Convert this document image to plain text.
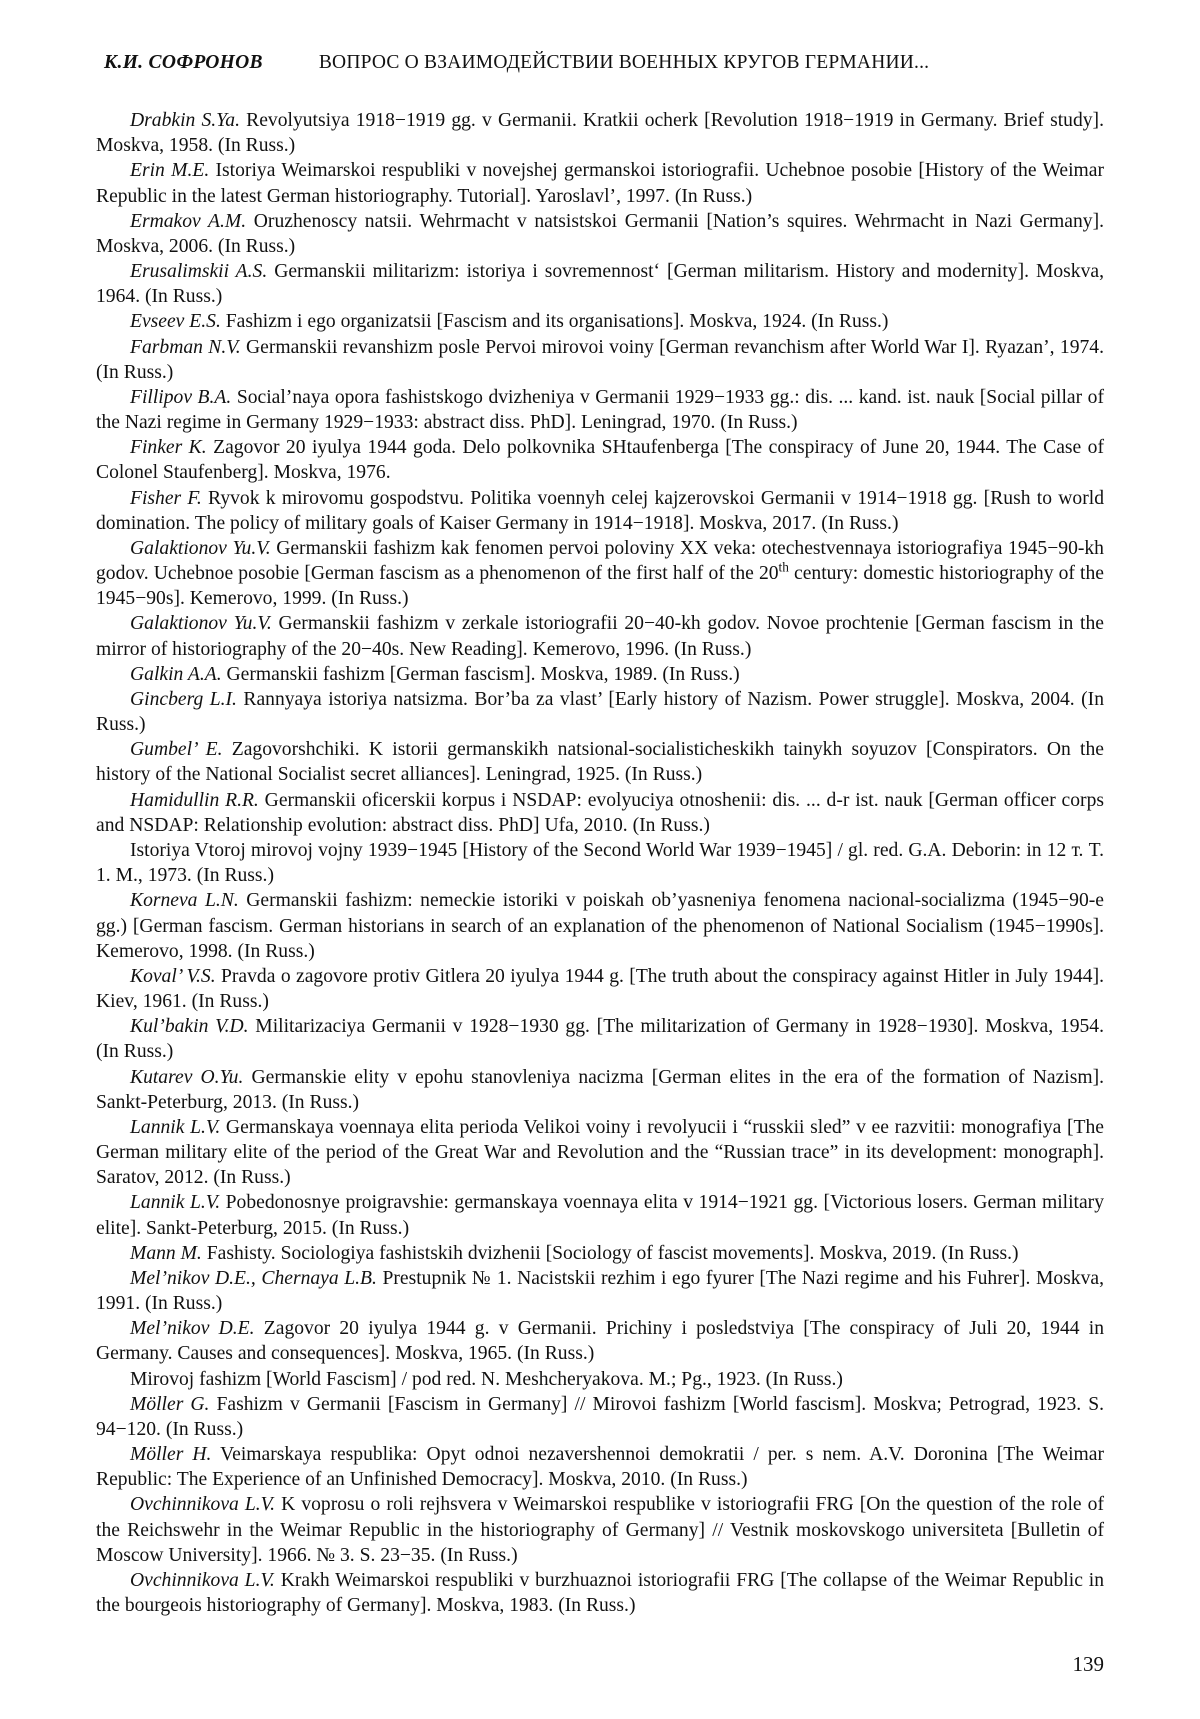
К.И. СОФРОНОВ	ВОПРОС О ВЗАИМОДЕЙСТВИИ ВОЕННЫХ КРУГОВ ГЕРМАНИИ...

Drabkin S.Ya. Revolyutsiya 1918−1919 gg. v Germanii. Kratkii ocherk [Revolution 1918−1919 in Germany. Brief study]. Moskva, 1958. (In Russ.)

Erin M.E. Istoriya Weimarskoi respubliki v novejshej germanskoi istoriografii. Uchebnoe posobie [History of the Weimar Republic in the latest German historiography. Tutorial]. Yaroslavl’, 1997. (In Russ.)

Ermakov A.M. Oruzhenoscy natsii. Wehrmacht v natsistskoi Germanii [Nation’s squires. Wehrmacht in Nazi Germany]. Moskva, 2006. (In Russ.)

Erusalimskii A.S. Germanskii militarizm: istoriya i sovremennost‘ [German militarism. History and modernity]. Moskva, 1964. (In Russ.)

Evseev E.S. Fashizm i ego organizatsii [Fascism and its organisations]. Moskva, 1924. (In Russ.)

Farbman N.V. Germanskii revanshizm posle Pervoi mirovoi voiny [German revanchism after World War I]. Ryazan’, 1974. (In Russ.)

Fillipov B.A. Social’naya opora fashistskogo dvizheniya v Germanii 1929−1933 gg.: dis. ... kand. ist. nauk [Social pillar of the Nazi regime in Germany 1929−1933: abstract diss. PhD]. Leningrad, 1970. (In Russ.)

Finker K. Zagovor 20 iyulya 1944 goda. Delo polkovnika SHtaufenberga [The conspiracy of June 20, 1944. The Case of Colonel Staufenberg]. Moskva, 1976.

Fisher F. Ryvok k mirovomu gospodstvu. Politika voennyh celej kajzerovskoi Germanii v 1914−1918 gg. [Rush to world domination. The policy of military goals of Kaiser Germany in 1914−1918]. Moskva, 2017. (In Russ.)

Galaktionov Yu.V. Germanskii fashizm kak fenomen pervoi poloviny XX veka: otechestvennaya istoriografiya 1945−90-kh godov. Uchebnoe posobie [German fascism as a phenomenon of the first half of the 20th century: domestic historiography of the 1945−90s]. Kemerovo, 1999. (In Russ.)

Galaktionov Yu.V. Germanskii fashizm v zerkale istoriografii 20−40-kh godov. Novoe prochtenie [German fascism in the mirror of historiography of the 20−40s. New Reading]. Kemerovo, 1996. (In Russ.)

Galkin A.A. Germanskii fashizm [German fascism]. Moskva, 1989. (In Russ.)

Gincberg L.I. Rannyaya istoriya natsizma. Bor’ba za vlast’ [Early history of Nazism. Power struggle]. Moskva, 2004. (In Russ.)

Gumbel’ E. Zagovorshchiki. K istorii germanskikh natsional-socialisticheskikh tainykh soyuzov [Conspirators. On the history of the National Socialist secret alliances]. Leningrad, 1925. (In Russ.)

Hamidullin R.R. Germanskii oficerskii korpus i NSDAP: evolyuciya otnoshenii: dis. ... d-r ist. nauk [German officer corps and NSDAP: Relationship evolution: abstract diss. PhD] Ufa, 2010. (In Russ.)

Istoriya Vtoroj mirovoj vojny 1939−1945 [History of the Second World War 1939−1945] / gl. red. G.A. Deborin: in 12 т. T. 1. M., 1973. (In Russ.)

Korneva L.N. Germanskii fashizm: nemeckie istoriki v poiskah ob’yasneniya fenomena nacional-socializma (1945−90-e gg.) [German fascism. German historians in search of an explanation of the phenomenon of National Socialism (1945−1990s]. Kemerovo, 1998. (In Russ.)

Koval’ V.S. Pravda o zagovore protiv Gitlera 20 iyulya 1944 g. [The truth about the conspiracy against Hitler in July 1944]. Kiev, 1961. (In Russ.)

Kul’bakin V.D. Militarizaciya Germanii v 1928−1930 gg. [The militarization of Germany in 1928−1930]. Moskva, 1954. (In Russ.)

Kutarev O.Yu. Germanskie elity v epohu stanovleniya nacizma [German elites in the era of the formation of Nazism]. Sankt-Peterburg, 2013. (In Russ.)

Lannik L.V. Germanskaya voennaya elita perioda Velikoi voiny i revolyucii i “russkii sled” v ee razvitii: monografiya [The German military elite of the period of the Great War and Revolution and the “Russian trace” in its development: monograph]. Saratov, 2012. (In Russ.)

Lannik L.V. Pobedonosnye proigravshie: germanskaya voennaya elita v 1914−1921 gg. [Victorious losers. German military elite]. Sankt-Peterburg, 2015. (In Russ.)

Mann M. Fashisty. Sociologiya fashistskih dvizhenii [Sociology of fascist movements]. Moskva, 2019. (In Russ.)

Mel’nikov D.E., Chernaya L.B. Prestupnik № 1. Nacistskii rezhim i ego fyurer [The Nazi regime and his Fuhrer]. Moskva, 1991. (In Russ.)

Mel’nikov D.E. Zagovor 20 iyulya 1944 g. v Germanii. Prichiny i posledstviya [The conspiracy of Juli 20, 1944 in Germany. Causes and consequences]. Moskva, 1965. (In Russ.)

Mirovoj fashizm [World Fascism] / pod red. N. Meshcheryakova. M.; Pg., 1923. (In Russ.)

Möller G. Fashizm v Germanii [Fascism in Germany] // Mirovoi fashizm [World fascism]. Moskva; Petrograd, 1923. S. 94−120. (In Russ.)

Möller H. Veimarskaya respublika: Opyt odnoi nezavershennoi demokratii / per. s nem. A.V. Doronina [The Weimar Republic: The Experience of an Unfinished Democracy]. Moskva, 2010. (In Russ.)

Ovchinnikova L.V. K voprosu o roli rejhsvera v Weimarskoi respublike v istoriografii FRG [On the question of the role of the Reichswehr in the Weimar Republic in the historiography of Germany] // Vestnik moskovskogo universiteta [Bulletin of Moscow University]. 1966. № 3. S. 23−35. (In Russ.)

Ovchinnikova L.V. Krakh Weimarskoi respubliki v burzhuaznoi istoriografii FRG [The collapse of the Weimar Republic in the bourgeois historiography of Germany]. Moskva, 1983. (In Russ.)

139
